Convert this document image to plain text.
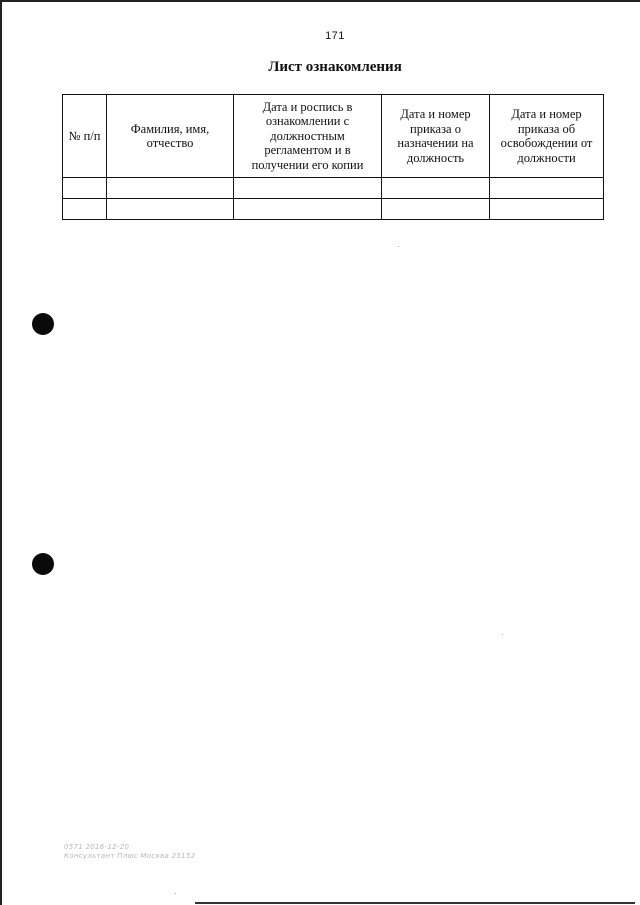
171
Лист ознакомления
№ п/п	Фамилия, имя, отчество	Дата и роспись в ознакомлении с должностным регламентом и в получении его копии	Дата и номер приказа о назначении на должность	Дата и номер приказа об освобождении от должности

0571 2016-12-20
Консультант Плюс Москва 25152
